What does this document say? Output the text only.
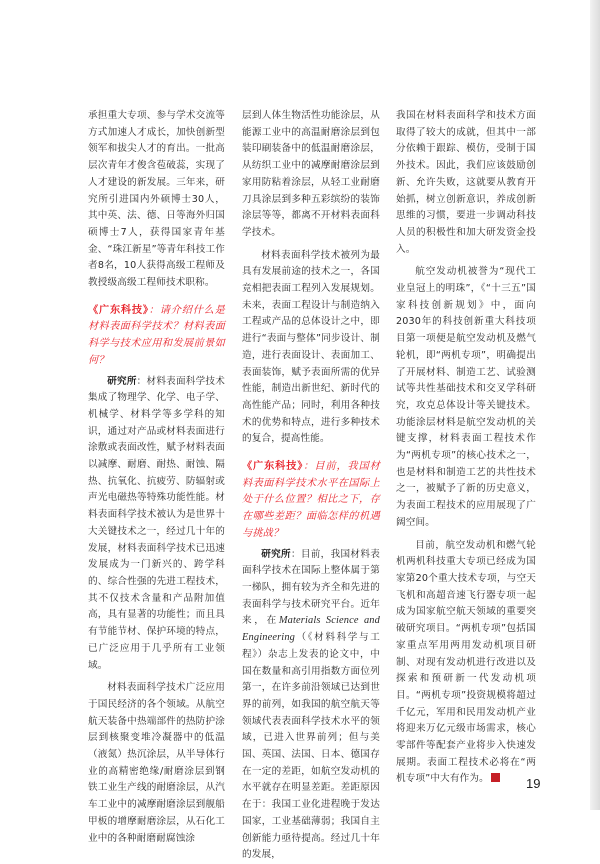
承担重大专项、参与学术交流等方式加速人才成长，加快创新型领军和拔尖人才的育出。一批高层次青年才俊含苞破蕊，实现了人才建设的新发展。三年来，研究所引进国内外硕博士30人，其中英、法、德、日等海外归国硕博士7人，获得国家青年基金、“珠江新星”等青年科技工作者8名，10人获得高级工程师及教授级高级工程师技术职称。

《广东科技》：请介绍什么是材料表面科学技术？材料表面科学与技术应用和发展前景如何？

研究所：材料表面科学技术集成了物理学、化学、电子学、机械学、材料学等多学科的知识，通过对产品或材料表面进行涂敷或表面改性，赋予材料表面以减摩、耐磨、耐热、耐蚀、隔热、抗氧化、抗疲劳、防辐射或声光电磁热等特殊功能性能。材料表面科学技术被认为是世界十大关键技术之一，经过几十年的发展，材料表面科学技术已迅速发展成为一门新兴的、跨学科的、综合性强的先进工程技术，其不仅技术含量和产品附加值高，具有显著的功能性；而且具有节能节材、保护环境的特点，已广泛应用于几乎所有工业领域。

材料表面科学技术广泛应用于国民经济的各个领域。从航空航天装备中热端部件的热防护涂层到核聚变堆冷凝器中的低温（液氮）热沉涂层，从半导体行业的高精密绝缘/耐磨涂层到钢铁工业生产线的耐磨涂层，从汽车工业中的减摩耐磨涂层到舰船甲板的增摩耐磨涂层，从石化工业中的各种耐磨耐腐蚀涂

层到人体生物活性功能涂层，从能源工业中的高温耐磨涂层到包装印刷装备中的低温耐磨涂层，从纺织工业中的减摩耐磨涂层到家用防粘着涂层，从轻工业耐磨刀具涂层到多种五彩缤纷的装饰涂层等等，都离不开材料表面科学技术。

材料表面科学技术被列为最具有发展前途的技术之一，各国竞相把表面工程列入发展规划。未来，表面工程设计与制造纳入工程或产品的总体设计之中，即进行“表面与整体”同步设计、制造，进行表面设计、表面加工、表面装饰，赋予表面所需的优异性能，制造出新世纪、新时代的高性能产品；同时，利用各种技术的优势和特点，进行多种技术的复合，提高性能。

《广东科技》：目前，我国材料表面科学技术水平在国际上处于什么位置？相比之下，存在哪些差距？面临怎样的机遇与挑战？

研究所：目前，我国材料表面科学技术在国际上整体属于第一梯队，拥有较为齐全和先进的表面科学与技术研究平台。近年来，在Materials Science and Engineering（《材料科学与工程》）杂志上发表的论文中，中国在数量和高引用指数方面位列第一，在许多前沿领域已达到世界的前列，如我国的航空航天等领域代表表面科学技术水平的领域，已进入世界前列；但与美国、英国、法国、日本、德国存在一定的差距，如航空发动机的水平就存在明显差距。差距原因在于：我国工业化进程晚于发达国家，工业基础薄弱；我国自主创新能力亟待提高。经过几十年的发展，

我国在材料表面科学和技术方面取得了较大的成就，但其中一部分依赖于跟踪、模仿，受制于国外技术。因此，我们应该鼓励创新、允许失败，这就要从教育开始抓，树立创新意识，养成创新思维的习惯，要进一步调动科技人员的积极性和加大研发资金投入。

航空发动机被誉为“现代工业皇冠上的明珠”，《“十三五”国家科技创新规划》中，面向2030年的科技创新重大科技项目第一项便是航空发动机及燃气轮机，即“两机专项”，明确提出了开展材料、制造工艺、试验测试等共性基础技术和交叉学科研究，攻克总体设计等关键技术。功能涂层材料是航空发动机的关键支撑，材料表面工程技术作为“两机专项”的核心技术之一，也是材料和制造工艺的共性技术之一，被赋予了新的历史意义，为表面工程技术的应用展现了广阔空间。

目前，航空发动机和燃气轮机两机科技重大专项已经成为国家第20个重大技术专项，与空天飞机和高超音速飞行器专项一起成为国家航空航天领域的重要突破研究项目。“两机专项”包括国家重点军用两用发动机项目研制、对现有发动机进行改进以及探索和预研新一代发动机项目。“两机专项”投资规模将超过千亿元，军用和民用发动机产业将迎来万亿元级市场需求，核心零部件等配套产业将步入快速发展期。表面工程技术必将在“两机专项”中大有作为。	19
